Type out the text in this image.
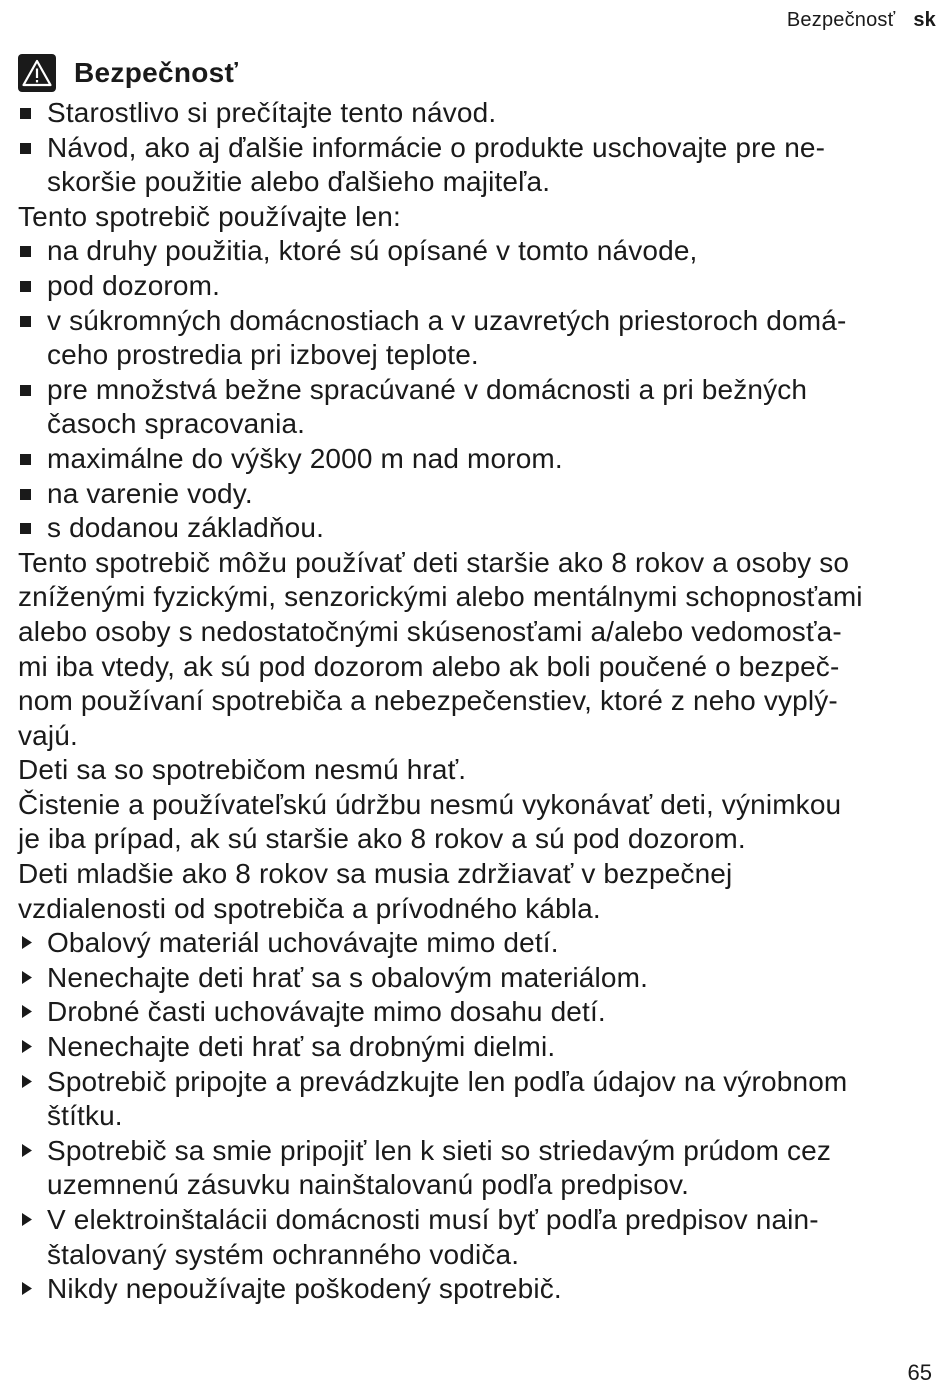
Bezpečnosť sk
Bezpečnosť
Starostlivo si prečítajte tento návod.
Návod, ako aj ďalšie informácie o produkte uschovajte pre ne-
skoršie použitie alebo ďalšieho majiteľa.

Tento spotrebič používajte len:

na druhy použitia, ktoré sú opísané v tomto návode,
pod dozorom.
v súkromných domácnostiach a v uzavretých priestoroch domá-
ceho prostredia pri izbovej teplote.
pre množstvá bežne spracúvané v domácnosti a pri bežných
časoch spracovania.
maximálne do výšky 2000 m nad morom.
na varenie vody.
s dodanou základňou.

Tento spotrebič môžu používať deti staršie ako 8 rokov a osoby so
zníženými fyzickými, senzorickými alebo mentálnymi schopnosťami
alebo osoby s nedostatočnými skúsenosťami a/alebo vedomosťa-
mi iba vtedy, ak sú pod dozorom alebo ak boli poučené o bezpeč-
nom používaní spotrebiča a nebezpečenstiev, ktoré z neho vyplý-
vajú.

Deti sa so spotrebičom nesmú hrať.

Čistenie a používateľskú údržbu nesmú vykonávať deti, výnimkou
je iba prípad, ak sú staršie ako 8 rokov a sú pod dozorom.

Deti mladšie ako 8 rokov sa musia zdržiavať v bezpečnej
vzdialenosti od spotrebiča a prívodného kábla.

Obalový materiál uchovávajte mimo detí.
Nenechajte deti hrať sa s obalovým materiálom.
Drobné časti uchovávajte mimo dosahu detí.
Nenechajte deti hrať sa drobnými dielmi.
Spotrebič pripojte a prevádzkujte len podľa údajov na výrobnom
štítku.
Spotrebič sa smie pripojiť len k sieti so striedavým prúdom cez
uzemnenú zásuvku nainštalovanú podľa predpisov.
V elektroinštalácii domácnosti musí byť podľa predpisov nain-
štalovaný systém ochranného vodiča.
Nikdy nepoužívajte poškodený spotrebič.
65
